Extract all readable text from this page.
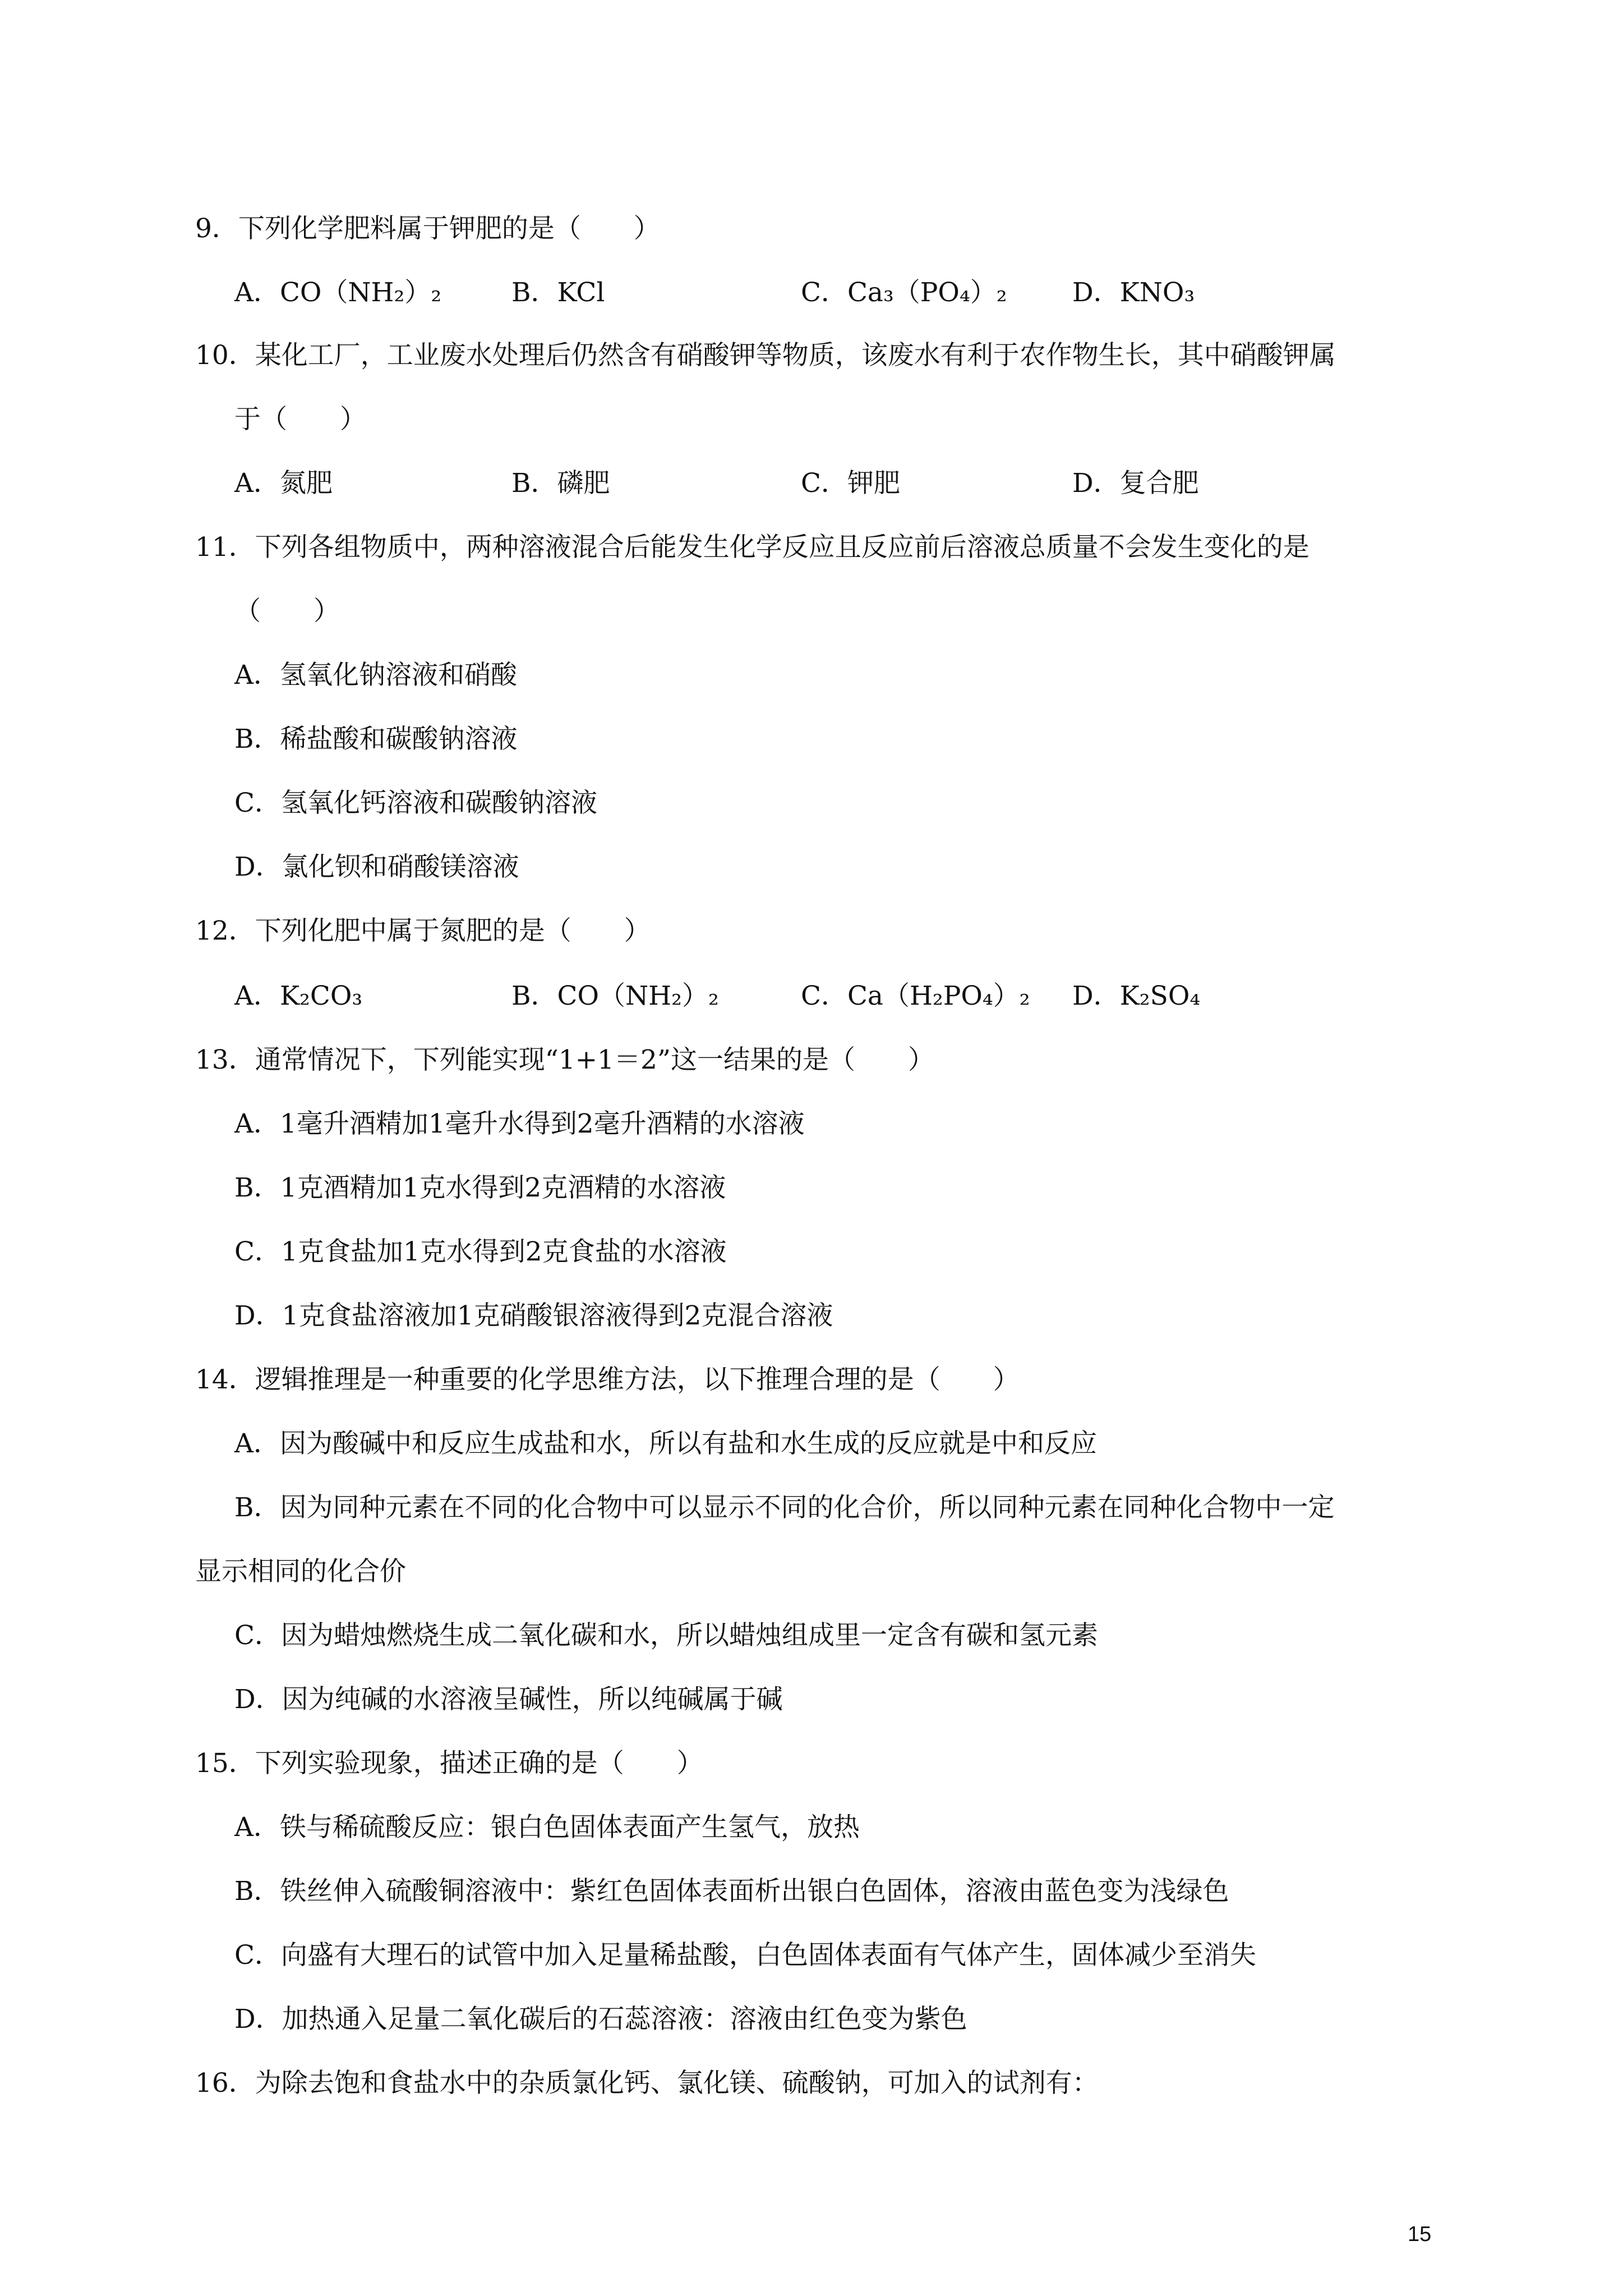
9．下列化学肥料属于钾肥的是（　　）
A．CO（NH₂）₂	B．KCl	C．Ca₃（PO₄）₂ D．KNO₃
10．某化工厂，工业废水处理后仍然含有硝酸钾等物质，该废水有利于农作物生长，其中硝酸钾属
于（　　）
A．氮肥	B．磷肥	C．钾肥	D．复合肥
11．下列各组物质中，两种溶液混合后能发生化学反应且反应前后溶液总质量不会发生变化的是
（　　）
A．氢氧化钠溶液和硝酸
B．稀盐酸和碳酸钠溶液
C．氢氧化钙溶液和碳酸钠溶液
D．氯化钡和硝酸镁溶液
12．下列化肥中属于氮肥的是（　　）
A．K₂CO₃	B．CO（NH₂）₂	C．Ca（H₂PO₄）₂ D．K₂SO₄
13．通常情况下，下列能实现“1+1＝2”这一结果的是（　　）
A．1毫升酒精加1毫升水得到2毫升酒精的水溶液
B．1克酒精加1克水得到2克酒精的水溶液
C．1克食盐加1克水得到2克食盐的水溶液
D．1克食盐溶液加1克硝酸银溶液得到2克混合溶液
14．逻辑推理是一种重要的化学思维方法，以下推理合理的是（　　）
A．因为酸碱中和反应生成盐和水，所以有盐和水生成的反应就是中和反应
B．因为同种元素在不同的化合物中可以显示不同的化合价，所以同种元素在同种化合物中一定
显示相同的化合价
C．因为蜡烛燃烧生成二氧化碳和水，所以蜡烛组成里一定含有碳和氢元素
D．因为纯碱的水溶液呈碱性，所以纯碱属于碱
15．下列实验现象，描述正确的是（　　）
A．铁与稀硫酸反应：银白色固体表面产生氢气，放热
B．铁丝伸入硫酸铜溶液中：紫红色固体表面析出银白色固体，溶液由蓝色变为浅绿色
C．向盛有大理石的试管中加入足量稀盐酸，白色固体表面有气体产生，固体减少至消失
D．加热通入足量二氧化碳后的石蕊溶液：溶液由红色变为紫色
16．为除去饱和食盐水中的杂质氯化钙、氯化镁、硫酸钠，可加入的试剂有：
15
